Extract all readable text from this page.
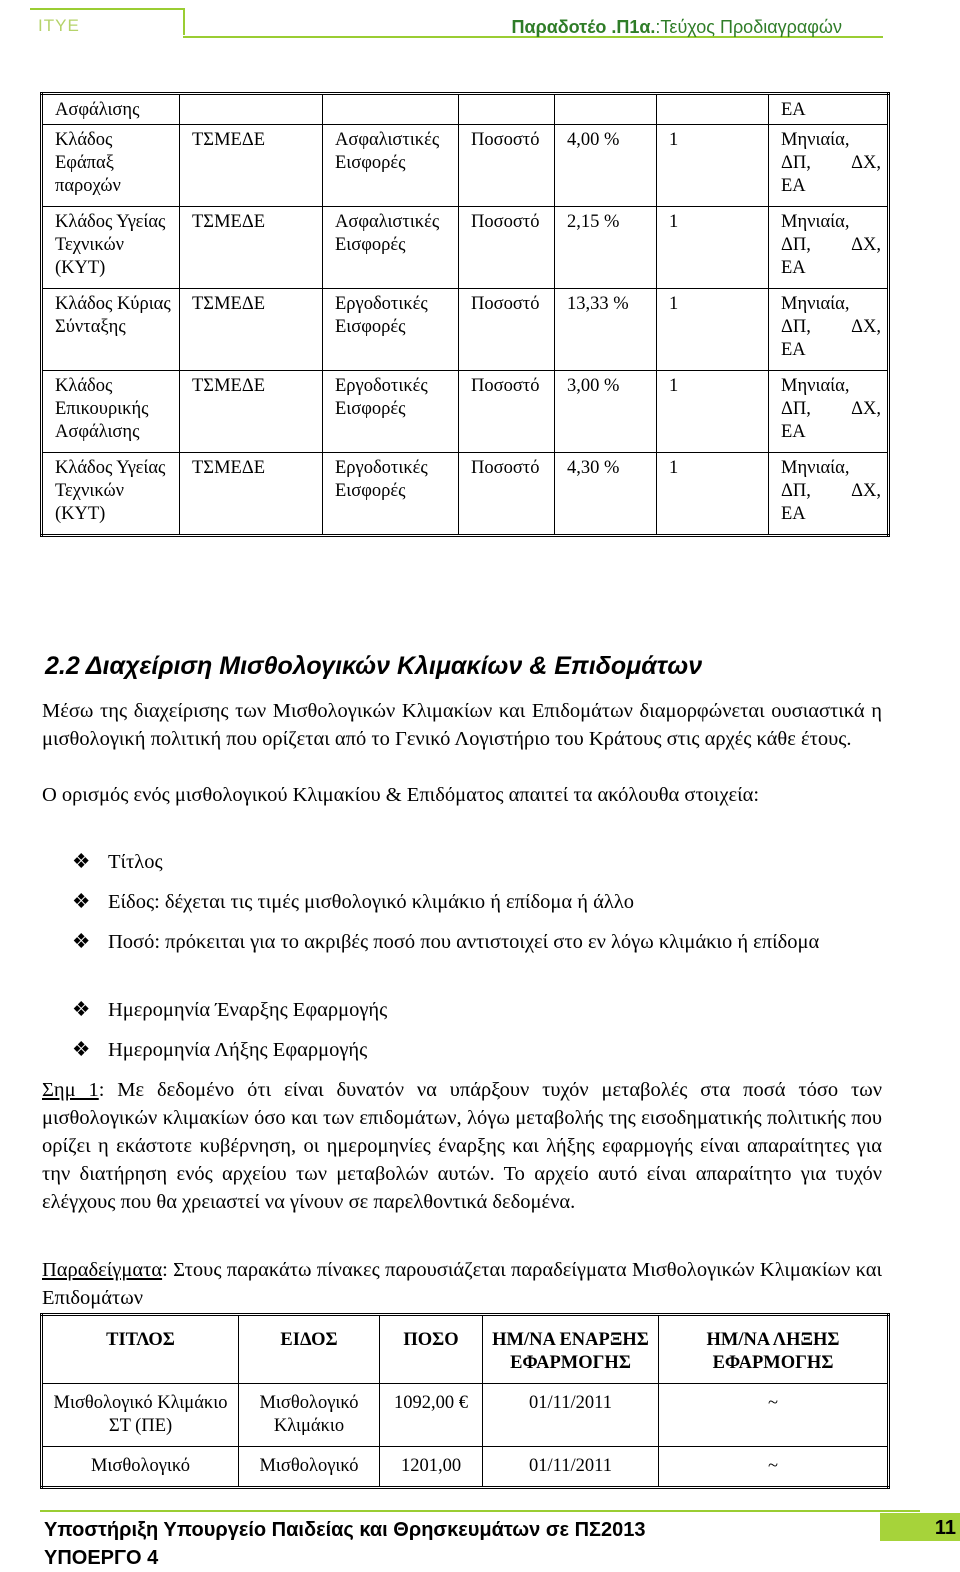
ΙΤΥΕ	Παραδοτέο .Π1α.:Τεύχος Προδιαγραφών
Ασφάλισης						ΕΑ

Κλάδος Εφάπαξ παροχών	ΤΣΜΕΔΕ	Ασφαλιστικές Εισφορές	Ποσοστό	4,00 %	1	Μηνιαία,
ΔΠ, ΔΧ,
ΕΑ

Κλάδος Υγείας Τεχνικών (ΚΥΤ)	ΤΣΜΕΔΕ	Ασφαλιστικές Εισφορές	Ποσοστό	2,15 %	1	Μηνιαία,
ΔΠ, ΔΧ,
ΕΑ

Κλάδος Κύριας Σύνταξης	ΤΣΜΕΔΕ	Εργοδοτικές Εισφορές	Ποσοστό	13,33 %	1	Μηνιαία,
ΔΠ, ΔΧ,
ΕΑ

Κλάδος Επικουρικής Ασφάλισης	ΤΣΜΕΔΕ	Εργοδοτικές Εισφορές	Ποσοστό	3,00 %	1	Μηνιαία,
ΔΠ, ΔΧ,
ΕΑ

Κλάδος Υγείας Τεχνικών (ΚΥΤ)	ΤΣΜΕΔΕ	Εργοδοτικές Εισφορές	Ποσοστό	4,30 %	1	Μηνιαία,
ΔΠ, ΔΧ,
ΕΑ
2.2 Διαχείριση Μισθολογικών Κλιμακίων & Επιδομάτων
Μέσω της διαχείρισης των Μισθολογικών Κλιμακίων και Επιδομάτων διαμορφώνεται ουσιαστικά η μισθολογική πολιτική που ορίζεται από το Γενικό Λογιστήριο του Κράτους στις αρχές κάθε έτους.
Ο ορισμός ενός μισθολογικού Κλιμακίου & Επιδόματος απαιτεί τα ακόλουθα στοιχεία:
❖ Τίτλος
❖ Είδος: δέχεται τις τιμές μισθολογικό κλιμάκιο ή επίδομα ή άλλο
❖ Ποσό: πρόκειται για το ακριβές ποσό που αντιστοιχεί στο εν λόγω κλιμάκιο ή επίδομα
❖ Ημερομηνία Έναρξης Εφαρμογής
❖ Ημερομηνία Λήξης Εφαρμογής
Σημ 1: Με δεδομένο ότι είναι δυνατόν να υπάρξουν τυχόν μεταβολές στα ποσά τόσο των μισθολογικών κλιμακίων όσο και των επιδομάτων, λόγω μεταβολής της εισοδηματικής πολιτικής που ορίζει η εκάστοτε κυβέρνηση, οι ημερομηνίες έναρξης και λήξης εφαρμογής είναι απαραίτητες για την διατήρηση ενός αρχείου των μεταβολών αυτών. Το αρχείο αυτό είναι απαραίτητο για τυχόν ελέγχους που θα χρειαστεί να γίνουν σε παρελθοντικά δεδομένα.
Παραδείγματα: Στους παρακάτω πίνακες παρουσιάζεται παραδείγματα Μισθολογικών Κλιμακίων και Επιδομάτων
ΤΙΤΛΟΣ	ΕΙΔΟΣ	ΠΟΣΟ	ΗΜ/ΝΑ ΕΝΑΡΞΗΣ ΕΦΑΡΜΟΓΗΣ	ΗΜ/ΝΑ ΛΗΞΗΣ ΕΦΑΡΜΟΓΗΣ
Μισθολογικό Κλιμάκιο ΣΤ (ΠΕ)	Μισθολογικό Κλιμάκιο	1092,00 €	01/11/2011	~
Μισθολογικό	Μισθολογικό	1201,00	01/11/2011	~
Υποστήριξη Υπουργείο Παιδείας και Θρησκευμάτων σε ΠΣ2013
ΥΠΟΕΡΓΟ 4
11
